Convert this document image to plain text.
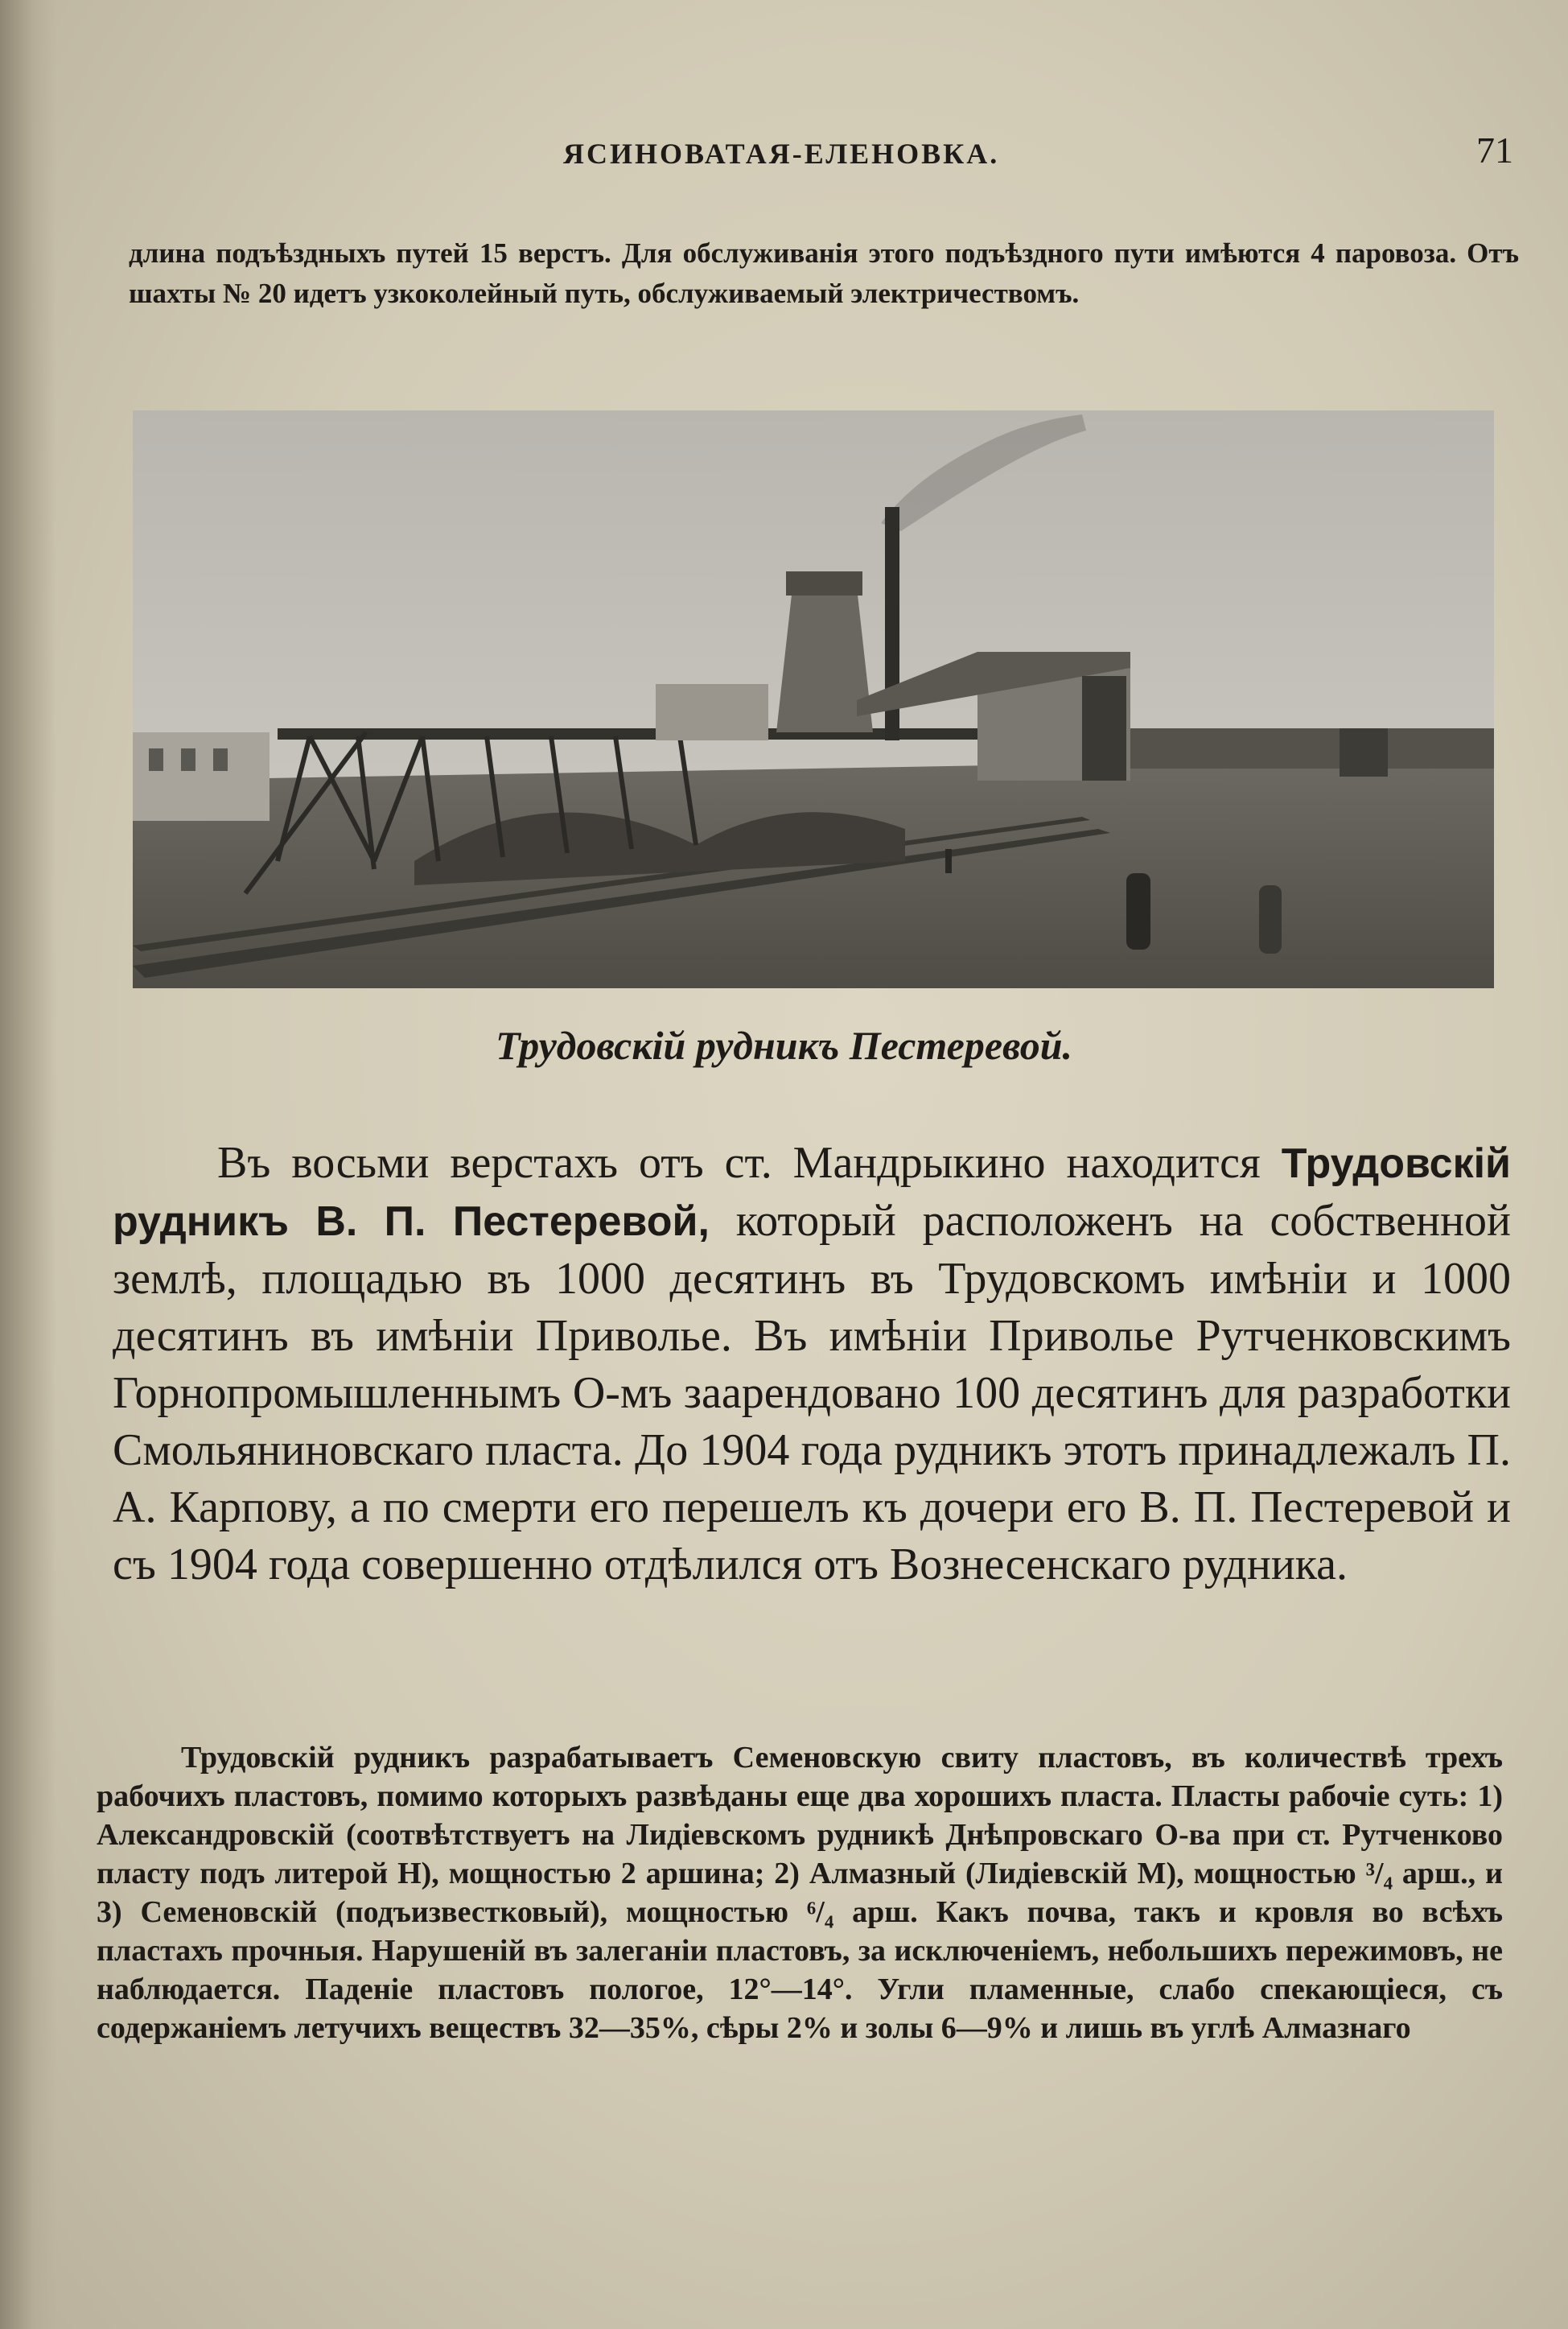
ЯСИНОВАТАЯ-ЕЛЕНОВКА.	71
длина подъѣздныхъ путей 15 верстъ. Для обслуживанія этого подъѣздного пути имѣются 4 паровоза. Отъ шахты № 20 идетъ узкоколейный путь, обслуживаемый электричествомъ.
Трудовскій рудникъ Пестеревой.
Въ восьми верстахъ отъ ст. Мандрыкино находится Трудовскій рудникъ В. П. Пестеревой, который расположенъ на собственной землѣ, площадью въ 1000 десятинъ въ Трудовскомъ имѣніи и 1000 десятинъ въ имѣніи Приволье. Въ имѣніи Приволье Рутченковскимъ Горнопромышленнымъ О-мъ заарендовано 100 десятинъ для разработки Смольяниновскаго пласта. До 1904 года рудникъ этотъ принадлежалъ П. А. Карпову, а по смерти его перешелъ къ дочери его В. П. Пестеревой и съ 1904 года совершенно отдѣлился отъ Вознесенскаго рудника.
Трудовскій рудникъ разрабатываетъ Семеновскую свиту пластовъ, въ количествѣ трехъ рабочихъ пластовъ, помимо которыхъ развѣданы еще два хорошихъ пласта. Пласты рабочіе суть: 1) Александровскій (соотвѣтствуетъ на Лидіевскомъ рудникѣ Днѣпровскаго О-ва при ст. Рутченково пласту подъ литерой Н), мощностью 2 аршина; 2) Алмазный (Лидіевскій М), мощностью ³/₄ арш., и 3) Семеновскій (подъизвестковый), мощностью ⁶/₄ арш. Какъ почва, такъ и кровля во всѣхъ пластахъ прочныя. Нарушеній въ залеганіи пластовъ, за исключеніемъ, небольшихъ пережимовъ, не наблюдается. Паденіе пластовъ пологое, 12°—14°. Угли пламенные, слабо спекающіеся, съ содержаніемъ летучихъ веществъ 32—35%, сѣры 2% и золы 6—9% и лишь въ углѣ Алмазнаго
